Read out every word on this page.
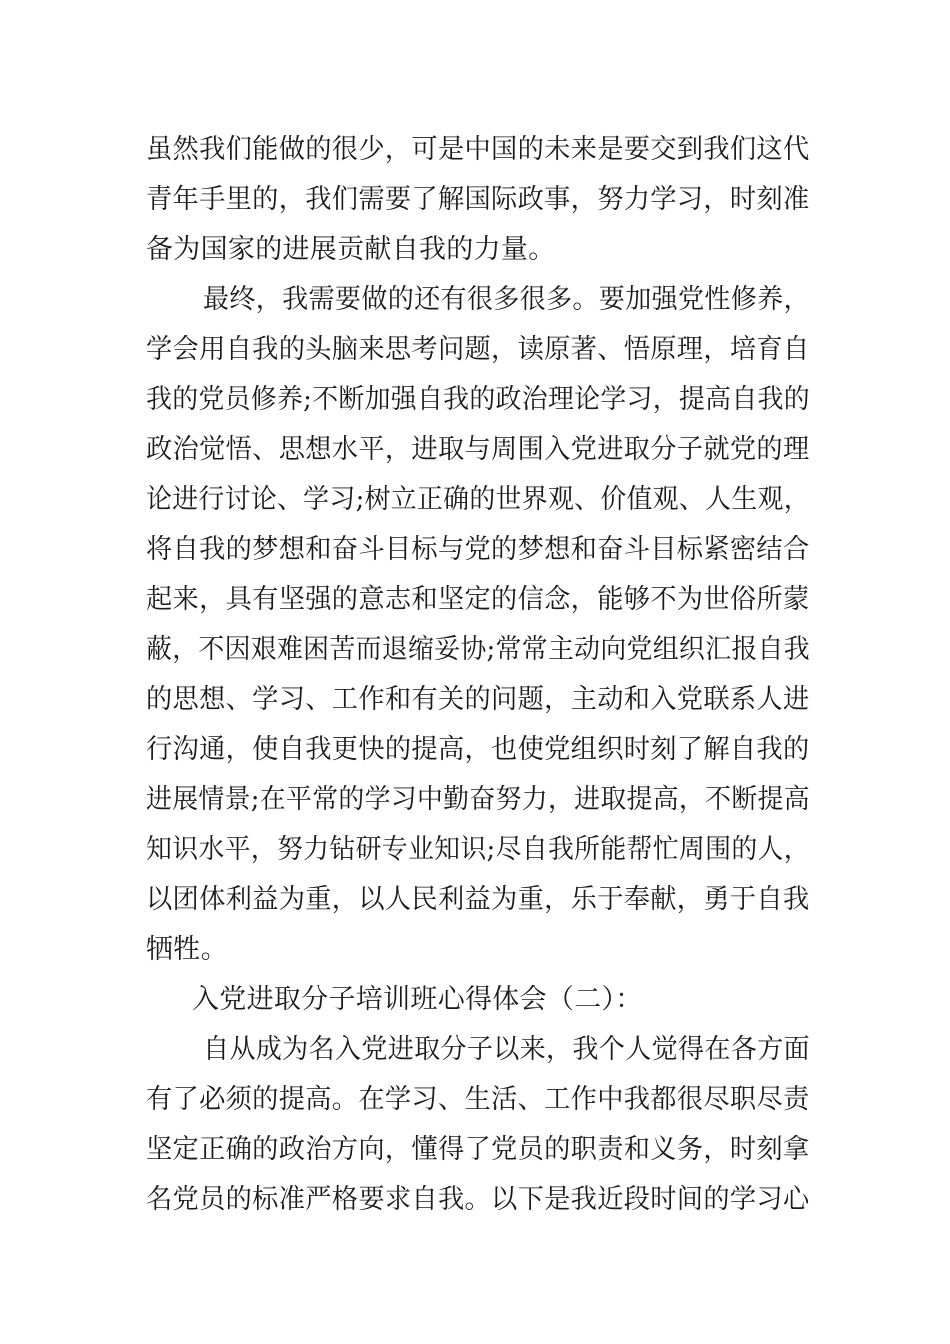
虽然我们能做的很少，可是中国的未来是要交到我们这代
青年手里的，我们需要了解国际政事，努力学习，时刻准
备为国家的进展贡献自我的力量。
最终，我需要做的还有很多很多。要加强党性修养，
学会用自我的头脑来思考问题，读原著、悟原理，培育自
我的党员修养;不断加强自我的政治理论学习，提高自我的
政治觉悟、思想水平，进取与周围入党进取分子就党的理
论进行讨论、学习;树立正确的世界观、价值观、人生观，
将自我的梦想和奋斗目标与党的梦想和奋斗目标紧密结合
起来，具有坚强的意志和坚定的信念，能够不为世俗所蒙
蔽，不因艰难困苦而退缩妥协;常常主动向党组织汇报自我
的思想、学习、工作和有关的问题，主动和入党联系人进
行沟通，使自我更快的提高，也使党组织时刻了解自我的
进展情景;在平常的学习中勤奋努力，进取提高，不断提高
知识水平，努力钻研专业知识;尽自我所能帮忙周围的人，
以团体利益为重，以人民利益为重，乐于奉献，勇于自我
牺牲。
入党进取分子培训班心得体会（二）：
自从成为名入党进取分子以来，我个人觉得在各方面
有了必须的提高。在学习、生活、工作中我都很尽职尽责
坚定正确的政治方向，懂得了党员的职责和义务，时刻拿
名党员的标准严格要求自我。以下是我近段时间的学习心
